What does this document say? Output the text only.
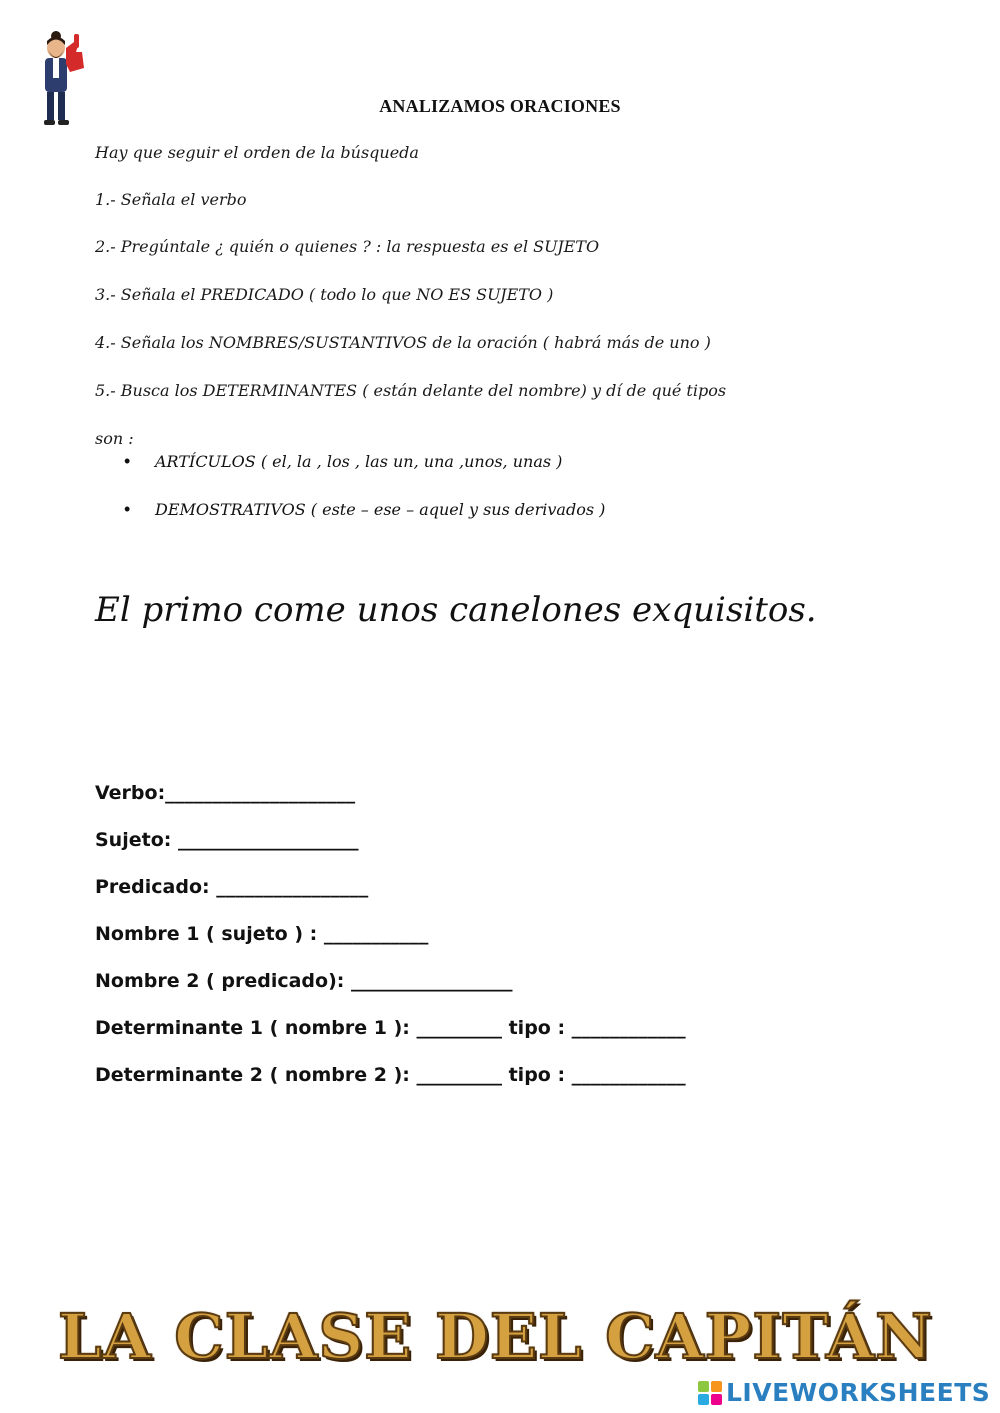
ANALIZAMOS ORACIONES
Hay que seguir el orden de la búsqueda
1.- Señala el verbo
2.- Pregúntale ¿ quién o quienes ? : la respuesta es el SUJETO
3.- Señala el PREDICADO ( todo lo que NO ES SUJETO )
4.- Señala los NOMBRES/SUSTANTIVOS de la oración ( habrá más de uno )
5.- Busca los DETERMINANTES ( están delante del nombre) y dí de qué tipos
son :
• ARTÍCULOS ( el, la , los , las un, una ,unos, unas )
• DEMOSTRATIVOS ( este – ese – aquel y sus derivados )
El primo come unos canelones exquisitos.
Verbo:____________________
Sujeto: ___________________
Predicado: ________________
Nombre 1 ( sujeto ) : ___________
Nombre 2 ( predicado): _________________
Determinante 1 ( nombre 1 ): _________ tipo : ____________
Determinante 2 ( nombre 2 ): _________ tipo : ____________
LA CLASE DEL CAPITÁN
LIVEWORKSHEETS
